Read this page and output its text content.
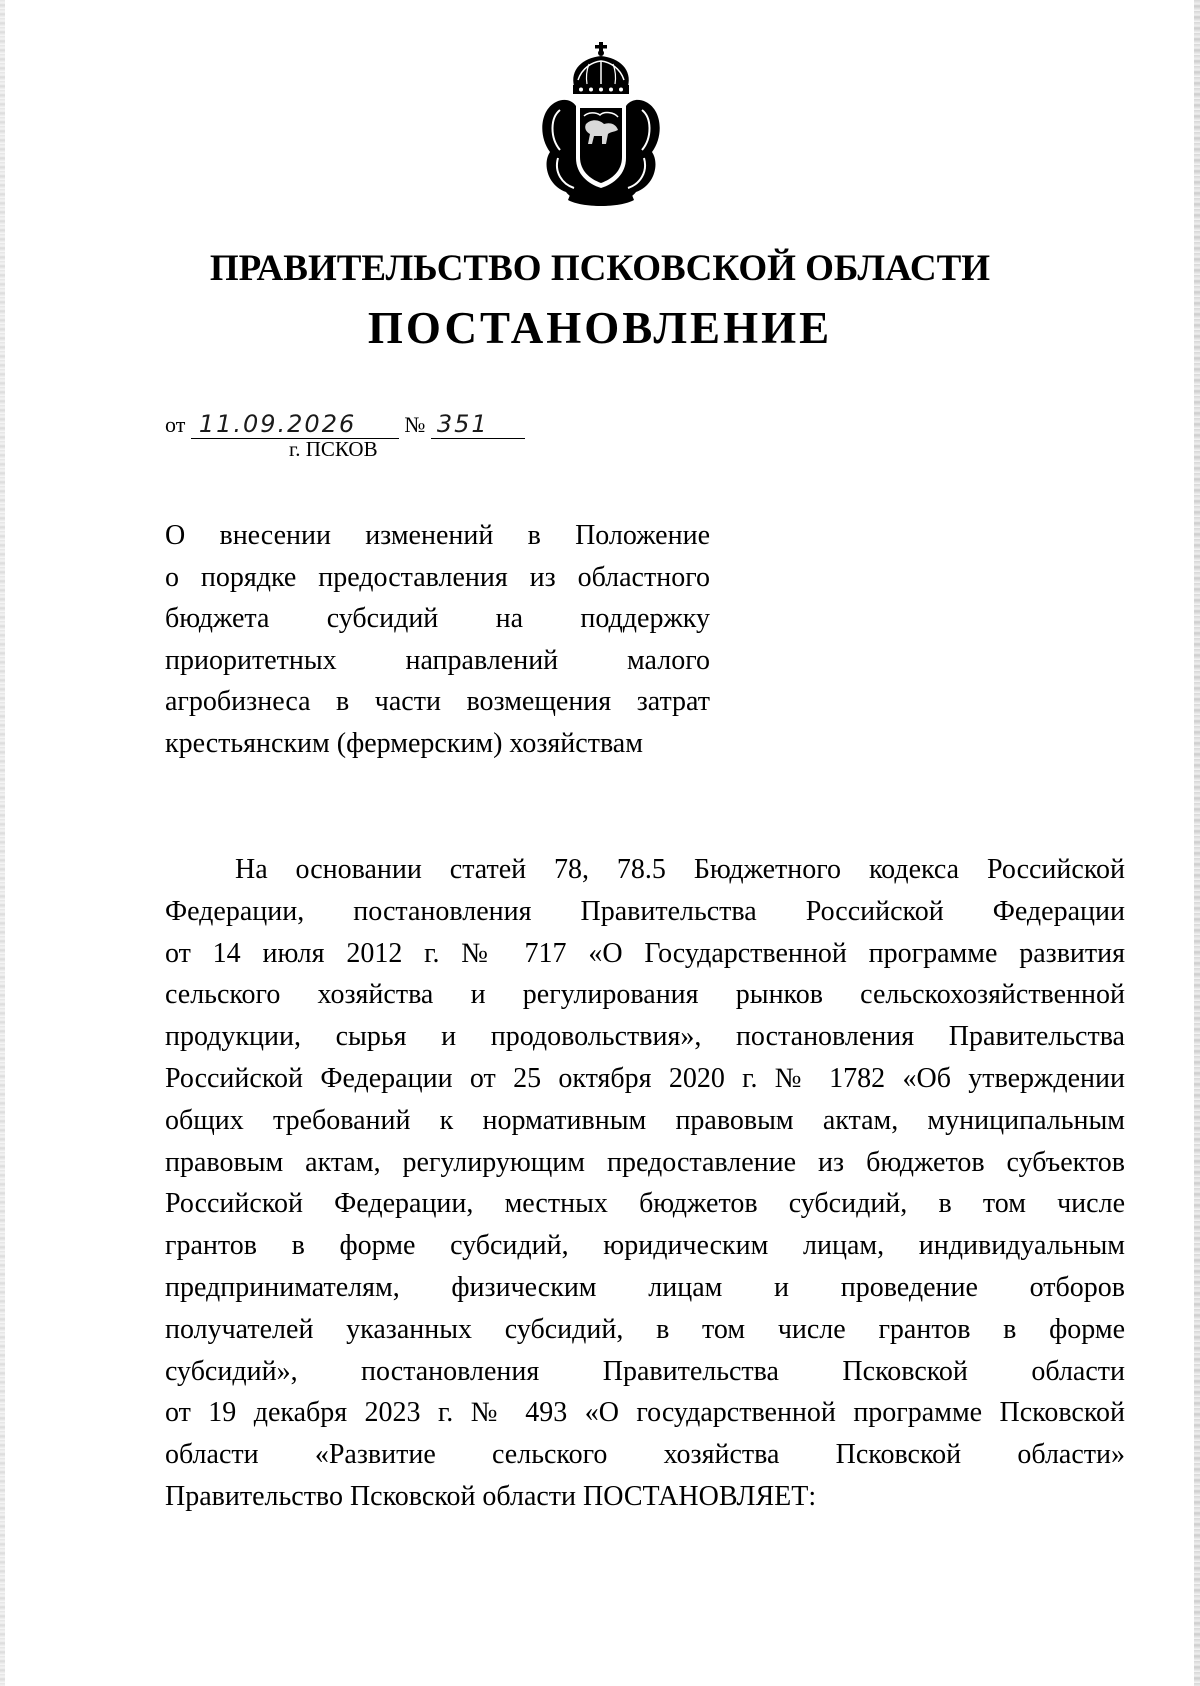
ПРАВИТЕЛЬСТВО ПСКОВСКОЙ ОБЛАСТИ
ПОСТАНОВЛЕНИЕ
от 11.09.2026 № 351
г. ПСКОВ
О внесении изменений в Положение
о порядке предоставления из областного
бюджета субсидий на поддержку
приоритетных направлений малого
агробизнеса в части возмещения затрат
крестьянским (фермерским) хозяйствам
На основании статей 78, 78.5 Бюджетного кодекса Российской
Федерации, постановления Правительства Российской Федерации
от 14 июля 2012 г. № 717 «О Государственной программе развития
сельского хозяйства и регулирования рынков сельскохозяйственной
продукции, сырья и продовольствия», постановления Правительства
Российской Федерации от 25 октября 2020 г. № 1782 «Об утверждении
общих требований к нормативным правовым актам, муниципальным
правовым актам, регулирующим предоставление из бюджетов субъектов
Российской Федерации, местных бюджетов субсидий, в том числе
грантов в форме субсидий, юридическим лицам, индивидуальным
предпринимателям, физическим лицам и проведение отборов
получателей указанных субсидий, в том числе грантов в форме
субсидий», постановления Правительства Псковской области
от 19 декабря 2023 г. № 493 «О государственной программе Псковской
области «Развитие сельского хозяйства Псковской области»
Правительство Псковской области ПОСТАНОВЛЯЕТ:
